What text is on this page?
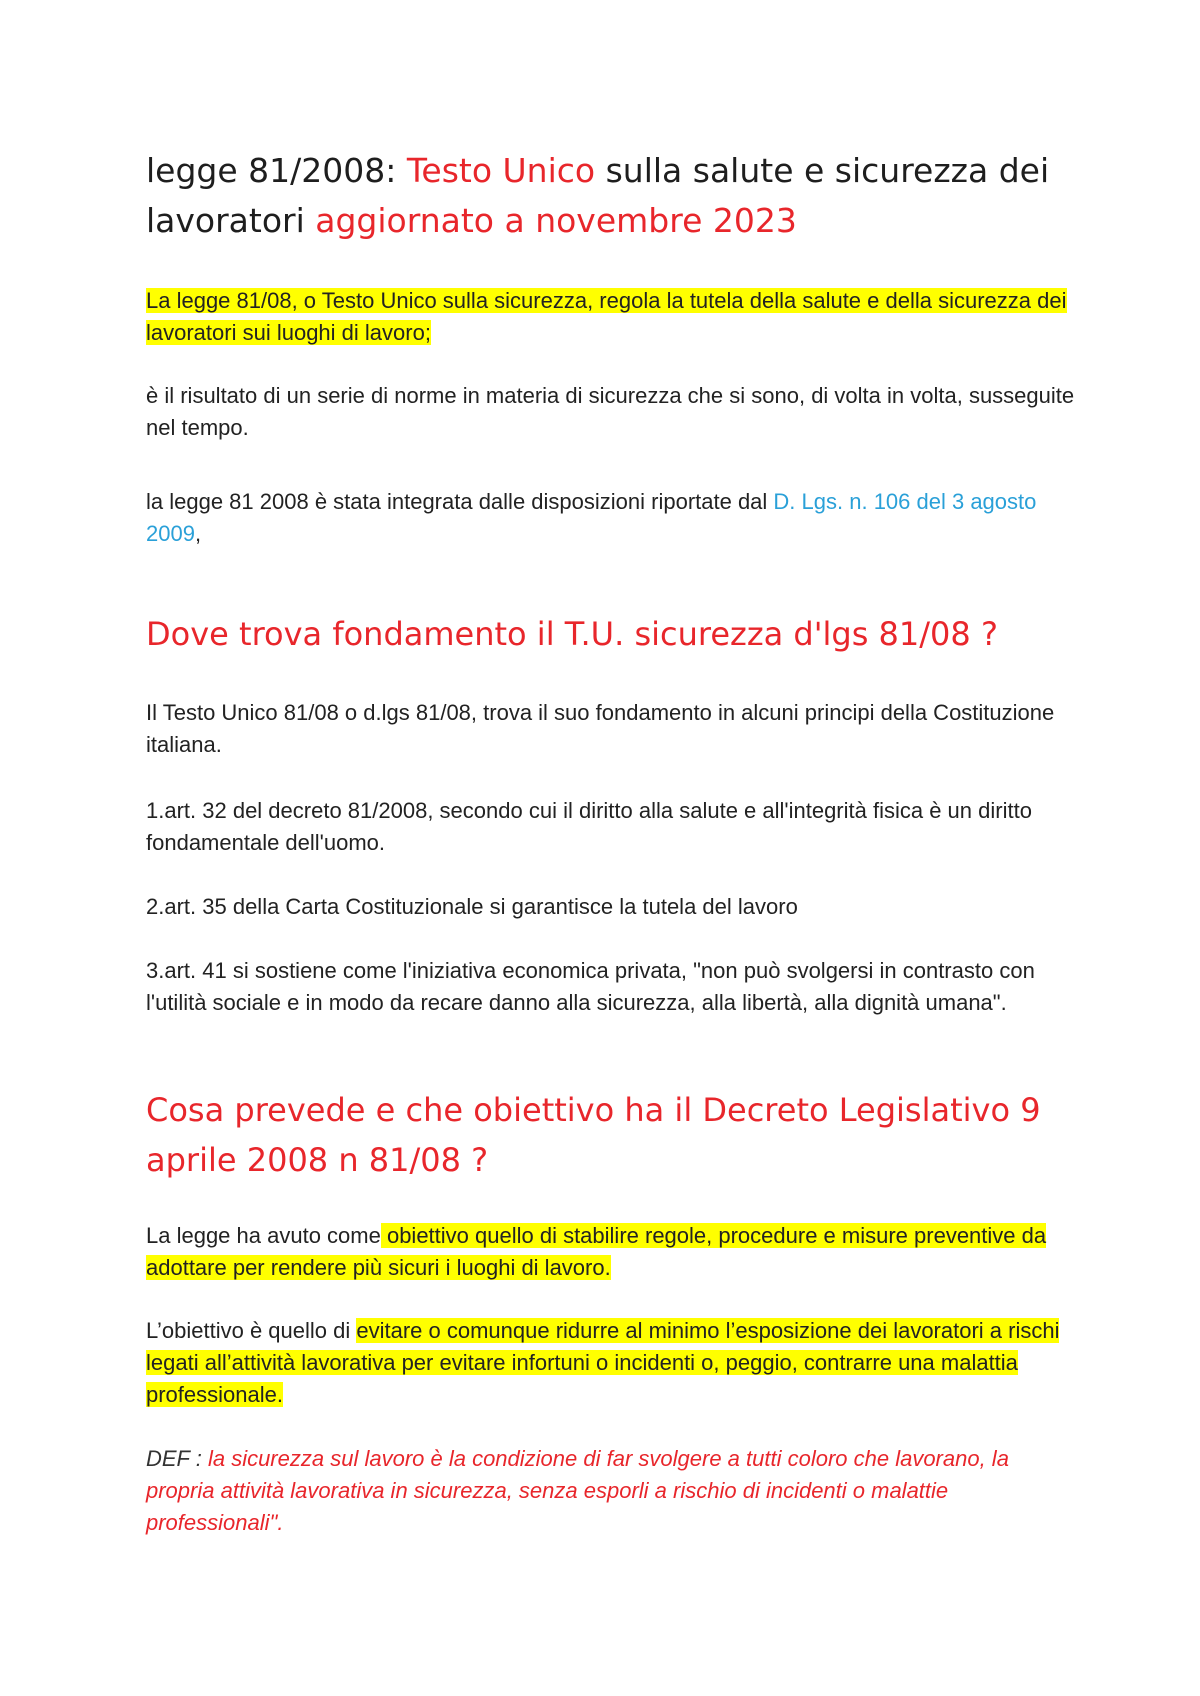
legge 81/2008: Testo Unico sulla salute e sicurezza dei lavoratori aggiornato a novembre 2023

La legge 81/08, o Testo Unico sulla sicurezza, regola la tutela della salute e della sicurezza dei lavoratori sui luoghi di lavoro;

è il risultato di un serie di norme in materia di sicurezza che si sono, di volta in volta, susseguite nel tempo.

la legge 81 2008 è stata integrata dalle disposizioni riportate dal D. Lgs. n. 106 del 3 agosto 2009,

Dove trova fondamento il T.U. sicurezza d'lgs 81/08 ?

Il Testo Unico 81/08 o d.lgs 81/08, trova il suo fondamento in alcuni principi della Costituzione italiana.

1.art. 32 del decreto 81/2008, secondo cui il diritto alla salute e all'integrità fisica è un diritto fondamentale dell'uomo.

2.art. 35 della Carta Costituzionale si garantisce la tutela del lavoro

3.art. 41 si sostiene come l'iniziativa economica privata, "non può svolgersi in contrasto con l'utilità sociale e in modo da recare danno alla sicurezza, alla libertà, alla dignità umana".

Cosa prevede e che obiettivo ha il Decreto Legislativo 9 aprile 2008 n 81/08 ?

La legge ha avuto come obiettivo quello di stabilire regole, procedure e misure preventive da adottare per rendere più sicuri i luoghi di lavoro.

L’obiettivo è quello di evitare o comunque ridurre al minimo l’esposizione dei lavoratori a rischi legati all’attività lavorativa per evitare infortuni o incidenti o, peggio, contrarre una malattia professionale.

DEF : la sicurezza sul lavoro è la condizione di far svolgere a tutti coloro che lavorano, la propria attività lavorativa in sicurezza, senza esporli a rischio di incidenti o malattie professionali".
